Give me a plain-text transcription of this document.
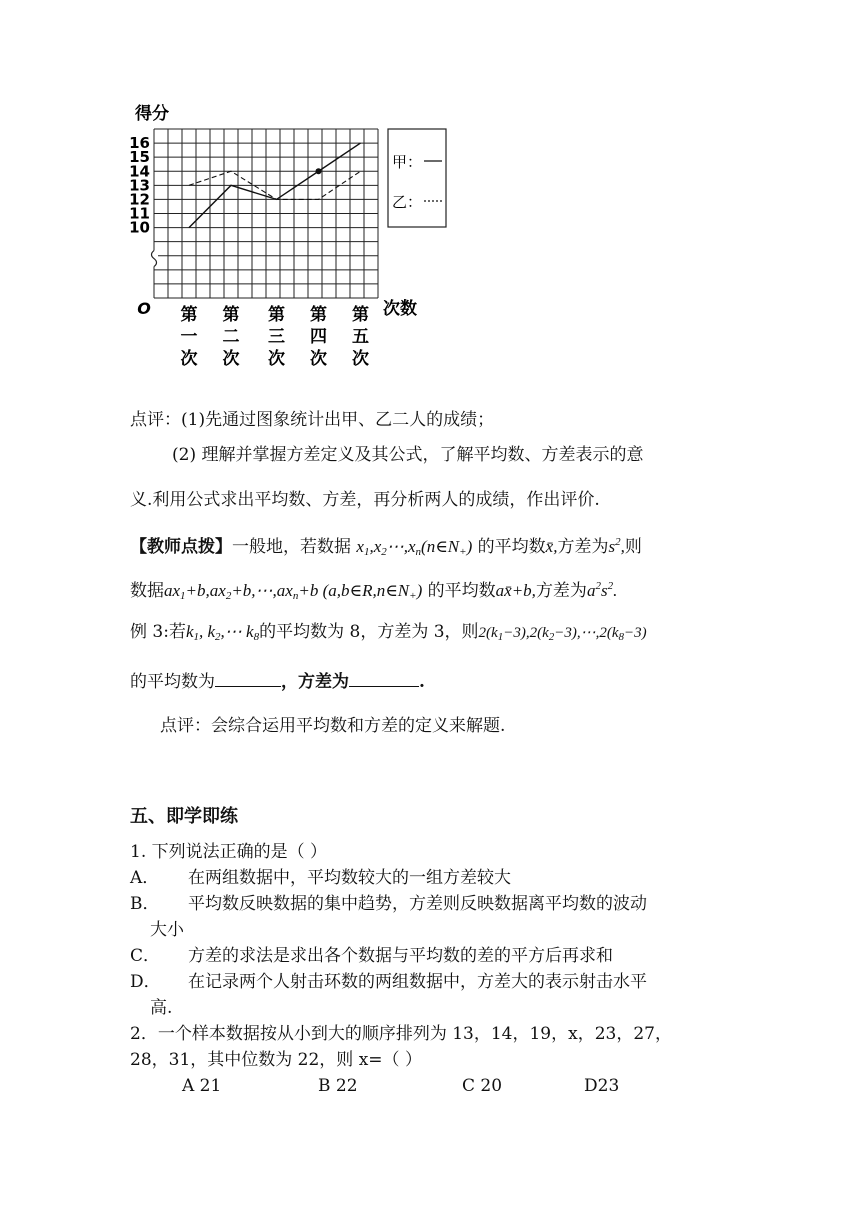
得分
O	次数
16
15
14
13
12
11
10
第
一
次
第
二
次
第
三
次
第
四
次
第
五
次
甲：
乙：
点评：(1)先通过图象统计出甲、乙二人的成绩；
(2) 理解并掌握方差定义及其公式，了解平均数、方差表示的意
义.利用公式求出平均数、方差，再分析两人的成绩，作出评价.
【教师点拨】一般地，若数据 $x_1,x_2\cdots,x_n(n\in N_+)$ 的平均数x̄,方差为$s^2$,则
数据$ax_1+b,ax_2+b,\cdots,ax_n+b$ $(a,b\in R,n\in N_+)$ 的平均数ax̄+b,方差为$a^2s^2$.
例 3:若$k_1$, $k_2,\cdots$ $k_8$的平均数为 8，方差为 3，则$2(k_1-3),2(k_2-3),\cdots,2(k_8-3)$
的平均数为	，方差为	.
点评：会综合运用平均数和方差的定义来解题.
五、即学即练
1. 下列说法正确的是（ ）
A． 在两组数据中，平均数较大的一组方差较大
B． 平均数反映数据的集中趋势，方差则反映数据离平均数的波动
大小
C． 方差的求法是求出各个数据与平均数的差的平方后再求和
D． 在记录两个人射击环数的两组数据中，方差大的表示射击水平
高.
2．一个样本数据按从小到大的顺序排列为 13，14，19，x，23，27，
28，31，其中位数为 22，则 x=（ ）
A 21	B 22	C 20	D23
